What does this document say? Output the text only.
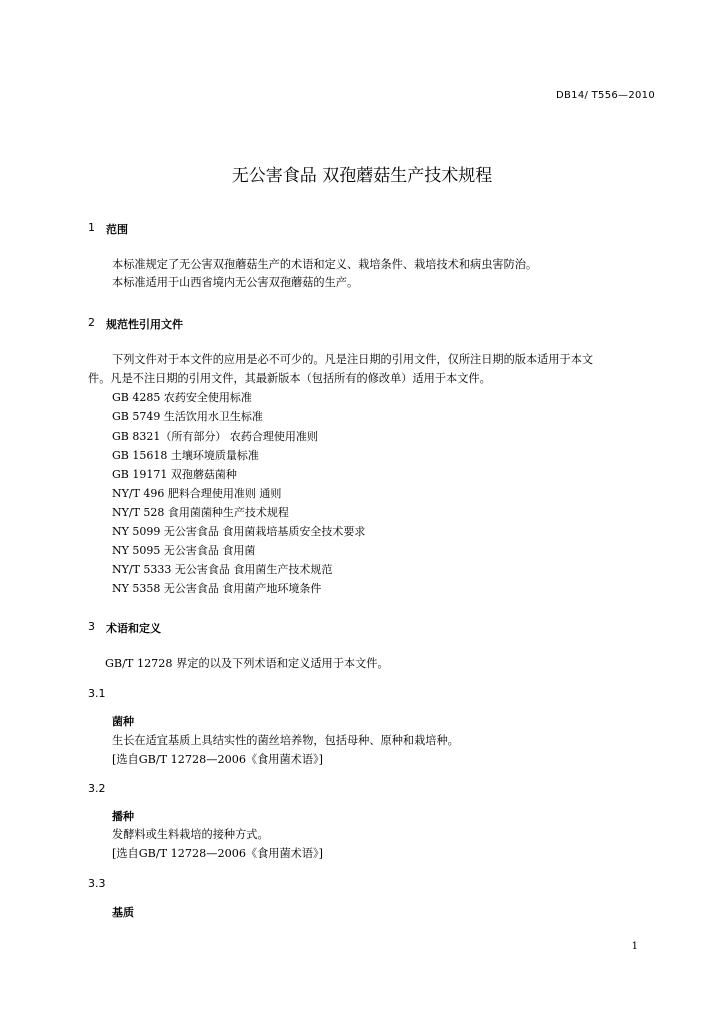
DB14/ T556—2010
无公害食品 双孢蘑菇生产技术规程
1 范围
本标准规定了无公害双孢蘑菇生产的术语和定义、栽培条件、栽培技术和病虫害防治。
本标准适用于山西省境内无公害双孢蘑菇的生产。
2 规范性引用文件
下列文件对于本文件的应用是必不可少的。凡是注日期的引用文件，仅所注日期的版本适用于本文
件。凡是不注日期的引用文件，其最新版本（包括所有的修改单）适用于本文件。
GB 4285 农药安全使用标准
GB 5749 生活饮用水卫生标准
GB 8321（所有部分） 农药合理使用准则
GB 15618 土壤环境质量标准
GB 19171 双孢蘑菇菌种
NY/T 496 肥料合理使用准则 通则
NY/T 528 食用菌菌种生产技术规程
NY 5099 无公害食品 食用菌栽培基质安全技术要求
NY 5095 无公害食品 食用菌
NY/T 5333 无公害食品 食用菌生产技术规范
NY 5358 无公害食品 食用菌产地环境条件
3 术语和定义
GB/T 12728 界定的以及下列术语和定义适用于本文件。
3.1
菌种
生长在适宜基质上具结实性的菌丝培养物，包括母种、原种和栽培种。
[选自GB/T 12728—2006《食用菌术语》]
3.2
播种
发酵料或生料栽培的接种方式。
[选自GB/T 12728—2006《食用菌术语》]
3.3
基质
1
